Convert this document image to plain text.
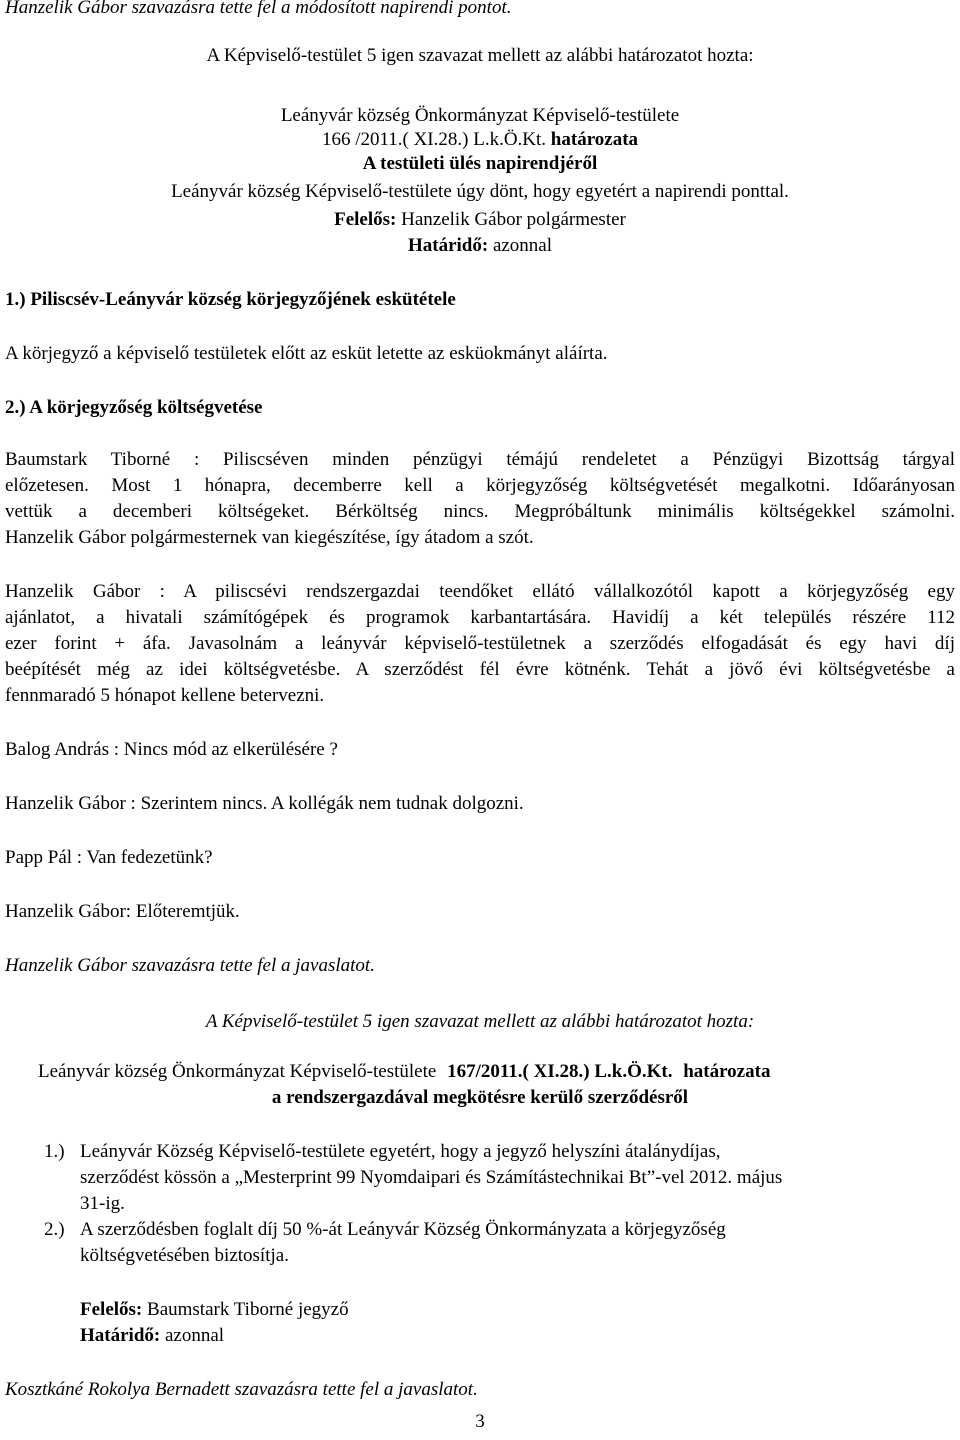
Hanzelik Gábor szavazásra tette fel a módosított napirendi pontot.
A Képviselő-testület 5 igen szavazat mellett az alábbi határozatot hozta:
Leányvár község Önkormányzat Képviselő-testülete
166 /2011.( XI.28.) L.k.Ö.Kt. határozata
A testületi ülés napirendjéről
Leányvár község Képviselő-testülete úgy dönt, hogy egyetért a napirendi ponttal.
Felelős: Hanzelik Gábor polgármester
Határidő: azonnal
1.) Piliscsév-Leányvár község körjegyzőjének eskütétele
A körjegyző a képviselő testületek előtt az esküt letette az esküokmányt aláírta.
2.) A körjegyzőség költségvetése
Baumstark Tiborné : Piliscséven minden pénzügyi témájú rendeletet a Pénzügyi Bizottság tárgyal
előzetesen. Most 1 hónapra, decemberre kell a körjegyzőség költségvetését megalkotni. Időarányosan
vettük a decemberi költségeket. Bérköltség nincs. Megpróbáltunk minimális költségekkel számolni.
Hanzelik Gábor polgármesternek van kiegészítése, így átadom a szót.
Hanzelik Gábor : A piliscsévi rendszergazdai teendőket ellátó vállalkozótól kapott a körjegyzőség egy
ajánlatot, a hivatali számítógépek és programok karbantartására. Havidíj a két település részére 112
ezer forint + áfa. Javasolnám a leányvár képviselő-testületnek a szerződés elfogadását és egy havi díj
beépítését még az idei költségvetésbe. A szerződést fél évre kötnénk. Tehát a jövő évi költségvetésbe a
fennmaradó 5 hónapot kellene betervezni.
Balog András : Nincs mód az elkerülésére ?
Hanzelik Gábor : Szerintem nincs. A kollégák nem tudnak dolgozni.
Papp Pál : Van fedezetünk?
Hanzelik Gábor: Előteremtjük.
Hanzelik Gábor szavazásra tette fel a javaslatot.
A Képviselő-testület 5 igen szavazat mellett az alábbi határozatot hozta:
Leányvár község Önkormányzat Képviselő-testülete 167/2011.( XI.28.) L.k.Ö.Kt. határozata
a rendszergazdával megkötésre kerülő szerződésről
1.) Leányvár Község Képviselő-testülete egyetért, hogy a jegyző helyszíni átalánydíjas,
szerződést kössön a „Mesterprint 99 Nyomdaipari és Számítástechnikai Bt”-vel 2012. május
31-ig.
2.) A szerződésben foglalt díj 50 %-át Leányvár Község Önkormányzata a körjegyzőség
költségvetésében biztosítja.
Felelős: Baumstark Tiborné jegyző
Határidő: azonnal
Kosztkáné Rokolya Bernadett szavazásra tette fel a javaslatot.
3
